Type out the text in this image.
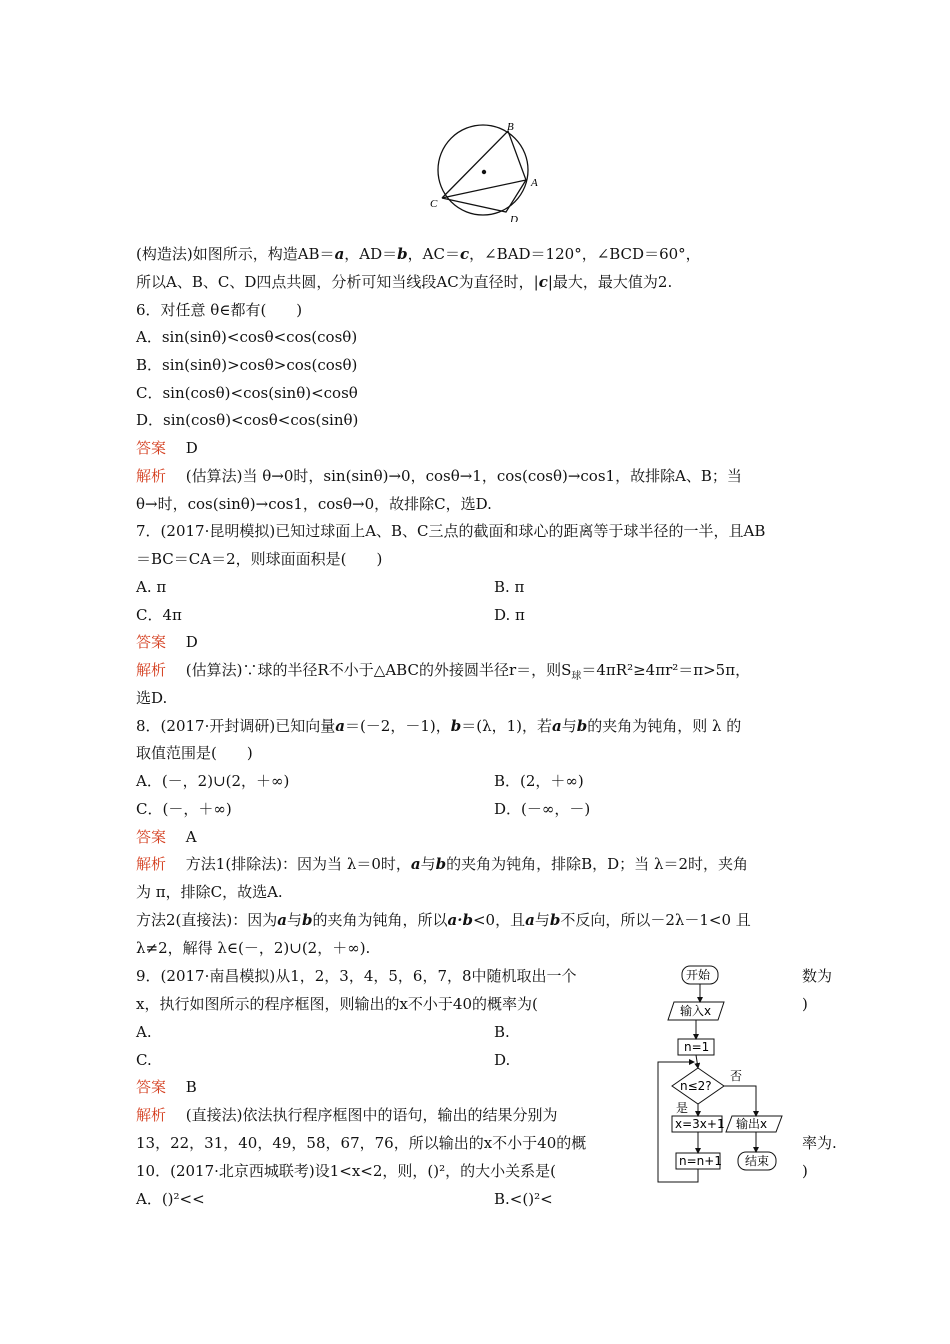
B
A
C
D
(构造法)如图所示，构造AB＝a，AD＝b，AC＝c，∠BAD＝120°，∠BCD＝60°，
所以A、B、C、D四点共圆，分析可知当线段AC为直径时，|c|最大，最大值为2.
6．对任意 θ∈都有(　　)
A．sin(sinθ)<cosθ<cos(cosθ)
B．sin(sinθ)>cosθ>cos(cosθ)
C．sin(cosθ)<cos(sinθ)<cosθ
D．sin(cosθ)<cosθ<cos(sinθ)
答案　 D
解析　 (估算法)当 θ→0时，sin(sinθ)→0，cosθ→1，cos(cosθ)→cos1，故排除A、B；当
θ→时，cos(sinθ)→cos1，cosθ→0，故排除C，选D.
7．(2017·昆明模拟)已知过球面上A、B、C三点的截面和球心的距离等于球半径的一半，且AB
＝BC＝CA＝2，则球面面积是(　　)
A. π	B. π
C．4π	D. π
答案　 D
解析　 (估算法)∵球的半径R不小于△ABC的外接圆半径r＝，则$S_球=4\pi R^2\ge 4\pi r^2=\pi>5\pi$，
选D.
8．(2017·开封调研)已知向量a＝(－2，－1)，b＝(λ，1)，若a与b的夹角为钝角，则 λ 的
取值范围是(　　)
A．(－，2)∪(2，＋∞)	B．(2，＋∞)
C．(－，＋∞)	D．(－∞，－)
答案　 A
解析　 方法1(排除法)：因为当 λ＝0时，a与b的夹角为钝角，排除B，D；当 λ＝2时，夹角
为 π，排除C，故选A.
方法2(直接法)：因为a与b的夹角为钝角，所以a·b<0，且a与b不反向，所以－2λ－1<0 且
λ≠2，解得 λ∈(－，2)∪(2，＋∞).
9．(2017·南昌模拟)从1，2，3，4，5，6，7，8中随机取出一个	数为
x，执行如图所示的程序框图，则输出的x不小于40的概率为(	)
A.	B.
C.	D.
答案　 B
解析　 (直接法)依法执行程序框图中的语句，输出的结果分别为
13，22，31，40，49，58，67，76，所以输出的x不小于40的概	率为.
10．(2017·北京西城联考)设1<x<2，则，()²，的大小关系是(	)
A．()²<<	B.<()²<
开始
输入x
n=1
n≤2?
否
是
x=3x+1 输出x
n=n+1 结束
